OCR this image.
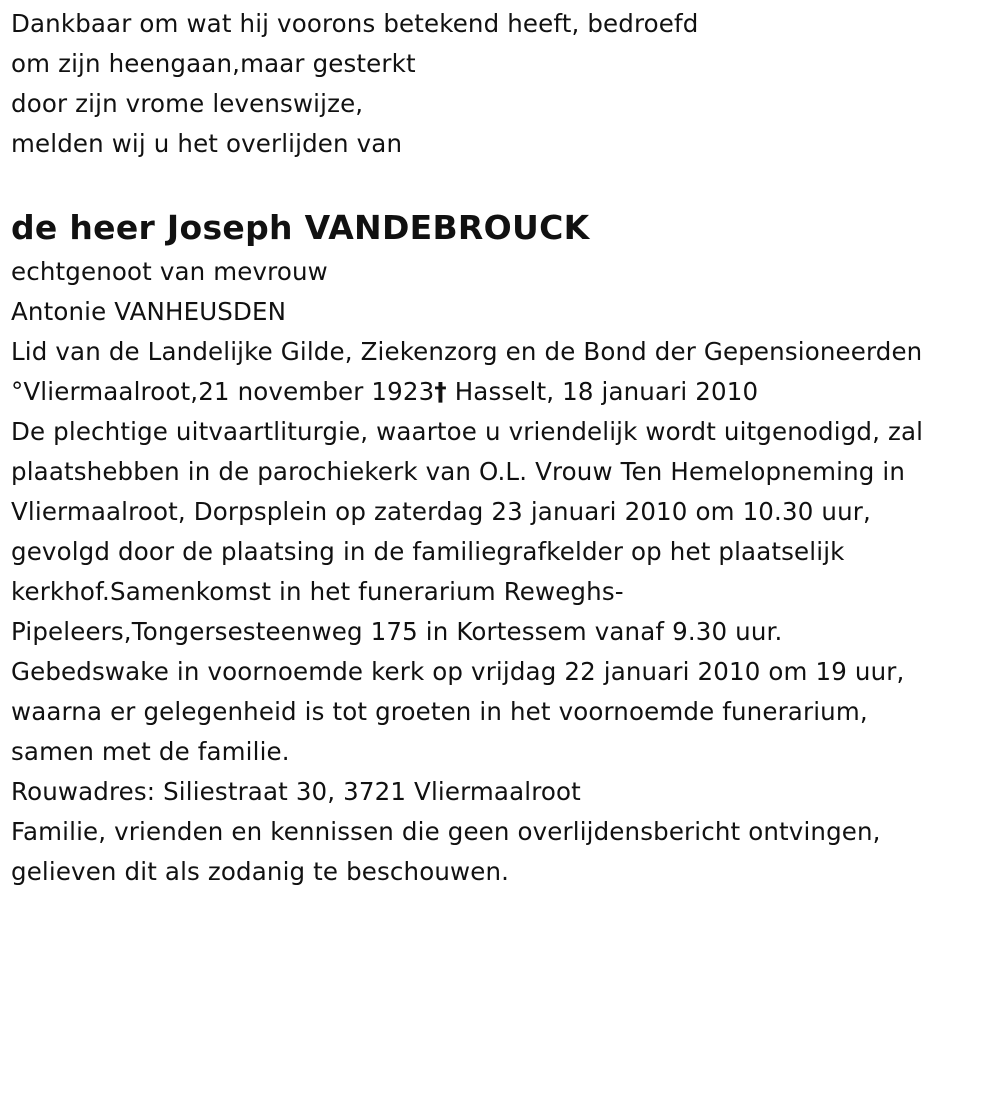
Dankbaar om wat hij voorons betekend heeft, bedroefd
om zijn heengaan,maar gesterkt
door zijn vrome levenswijze,
melden wij u het overlijden van

de heer Joseph VANDEBROUCK

echtgenoot van mevrouw
Antonie VANHEUSDEN

Lid van de Landelijke Gilde, Ziekenzorg en de Bond der Gepensioneerden

°Vliermaalroot,21 november 1923† Hasselt, 18 januari 2010

De plechtige uitvaartliturgie, waartoe u vriendelijk wordt uitgenodigd, zal
plaatshebben in de parochiekerk van O.L. Vrouw Ten Hemelopneming in
Vliermaalroot, Dorpsplein op zaterdag 23 januari 2010 om 10.30 uur,
gevolgd door de plaatsing in de familiegrafkelder op het plaatselijk
kerkhof.Samenkomst in het funerarium Reweghs-
Pipeleers,Tongersesteenweg 175 in Kortessem vanaf 9.30 uur.
Gebedswake in voornoemde kerk op vrijdag 22 januari 2010 om 19 uur,
waarna er gelegenheid is tot groeten in het voornoemde funerarium,
samen met de familie.

Rouwadres: Siliestraat 30, 3721 Vliermaalroot

Familie, vrienden en kennissen die geen overlijdensbericht ontvingen,
gelieven dit als zodanig te beschouwen.
